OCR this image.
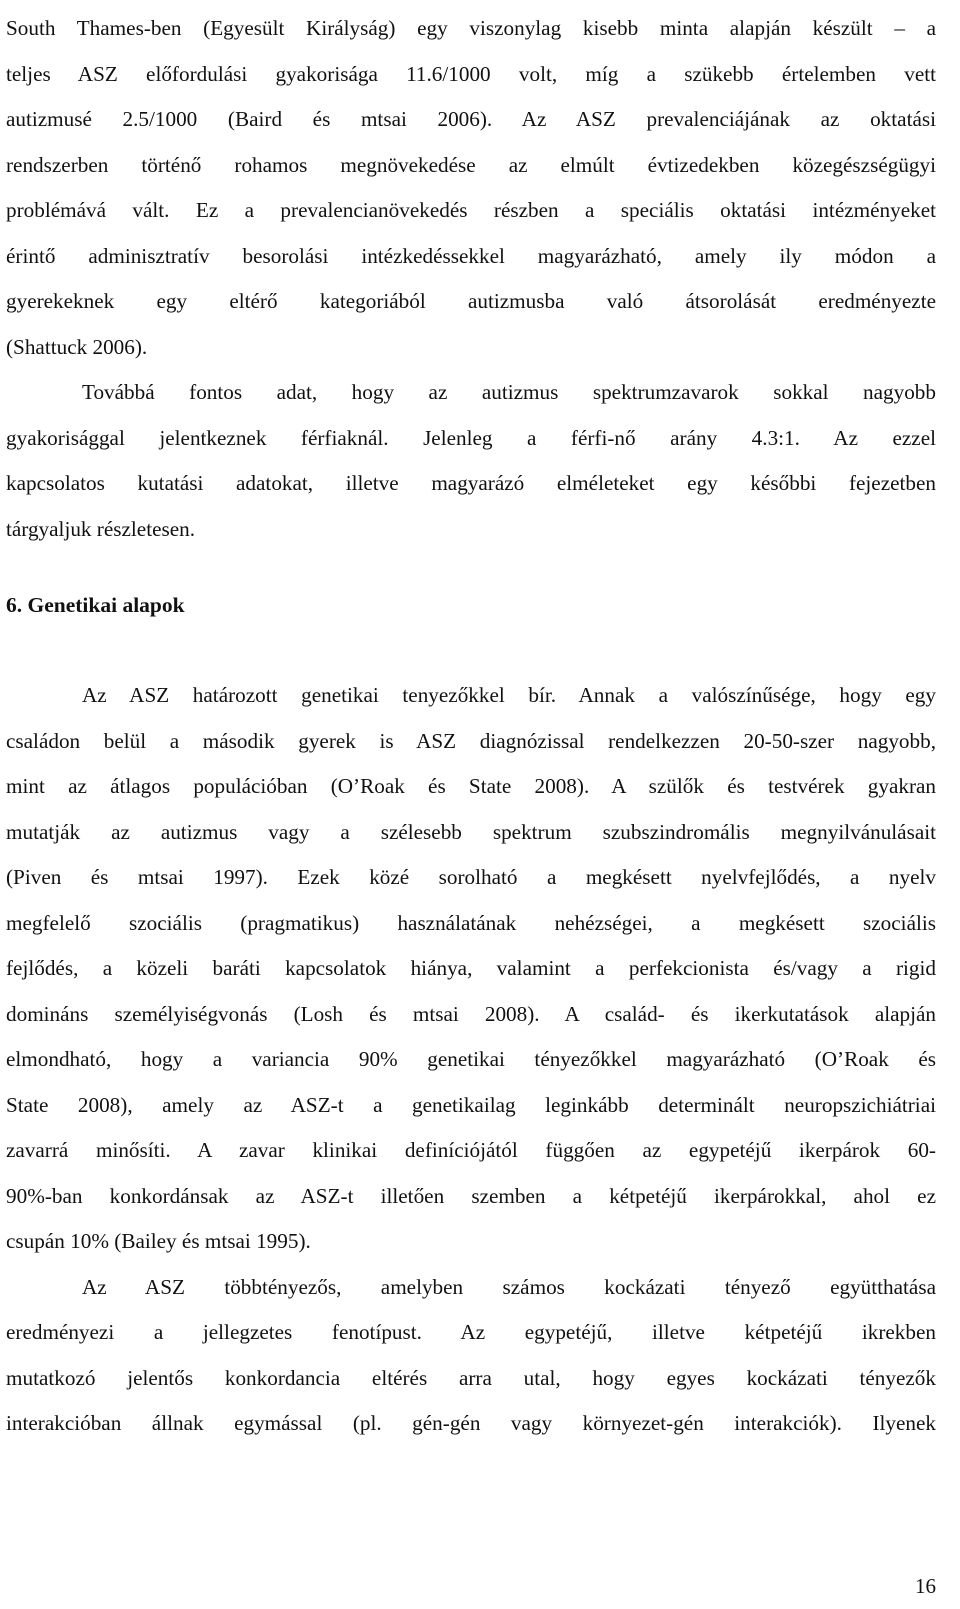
South Thames-ben (Egyesült Királyság) egy viszonylag kisebb minta alapján készült – a
teljes ASZ előfordulási gyakorisága 11.6/1000 volt, míg a szükebb értelemben vett
autizmusé 2.5/1000 (Baird és mtsai 2006). Az ASZ prevalenciájának az oktatási
rendszerben történő rohamos megnövekedése az elmúlt évtizedekben közegészségügyi
problémává vált. Ez a prevalencianövekedés részben a speciális oktatási intézményeket
érintő adminisztratív besorolási intézkedéssekkel magyarázható, amely ily módon a
gyerekeknek egy eltérő kategoriából autizmusba való átsorolását eredményezte
(Shattuck 2006).
Továbbá fontos adat, hogy az autizmus spektrumzavarok sokkal nagyobb
gyakorisággal jelentkeznek férfiaknál. Jelenleg a férfi-nő arány 4.3:1. Az ezzel
kapcsolatos kutatási adatokat, illetve magyarázó elméleteket egy későbbi fejezetben
tárgyaljuk részletesen.
6. Genetikai alapok
Az ASZ határozott genetikai tenyezőkkel bír. Annak a valószínűsége, hogy egy
családon belül a második gyerek is ASZ diagnózissal rendelkezzen 20-50-szer nagyobb,
mint az átlagos populációban (O’Roak és State 2008). A szülők és testvérek gyakran
mutatják az autizmus vagy a szélesebb spektrum szubszindromális megnyilvánulásait
(Piven és mtsai 1997). Ezek közé sorolható a megkésett nyelvfejlődés, a nyelv
megfelelő szociális (pragmatikus) használatának nehézségei, a megkésett szociális
fejlődés, a közeli baráti kapcsolatok hiánya, valamint a perfekcionista és/vagy a rigid
domináns személyiségvonás (Losh és mtsai 2008). A család- és ikerkutatások alapján
elmondható, hogy a variancia 90% genetikai tényezőkkel magyarázható (O’Roak és
State 2008), amely az ASZ-t a genetikailag leginkább determinált neuropszichiátriai
zavarrá minősíti. A zavar klinikai definíciójától függően az egypetéjű ikerpárok 60-
90%-ban konkordánsak az ASZ-t illetően szemben a kétpetéjű ikerpárokkal, ahol ez
csupán 10% (Bailey és mtsai 1995).
Az ASZ többtényezős, amelyben számos kockázati tényező együtthatása
eredményezi a jellegzetes fenotípust. Az egypetéjű, illetve kétpetéjű ikrekben
mutatkozó jelentős konkordancia eltérés arra utal, hogy egyes kockázati tényezők
interakcióban állnak egymással (pl. gén-gén vagy környezet-gén interakciók). Ilyenek
16
